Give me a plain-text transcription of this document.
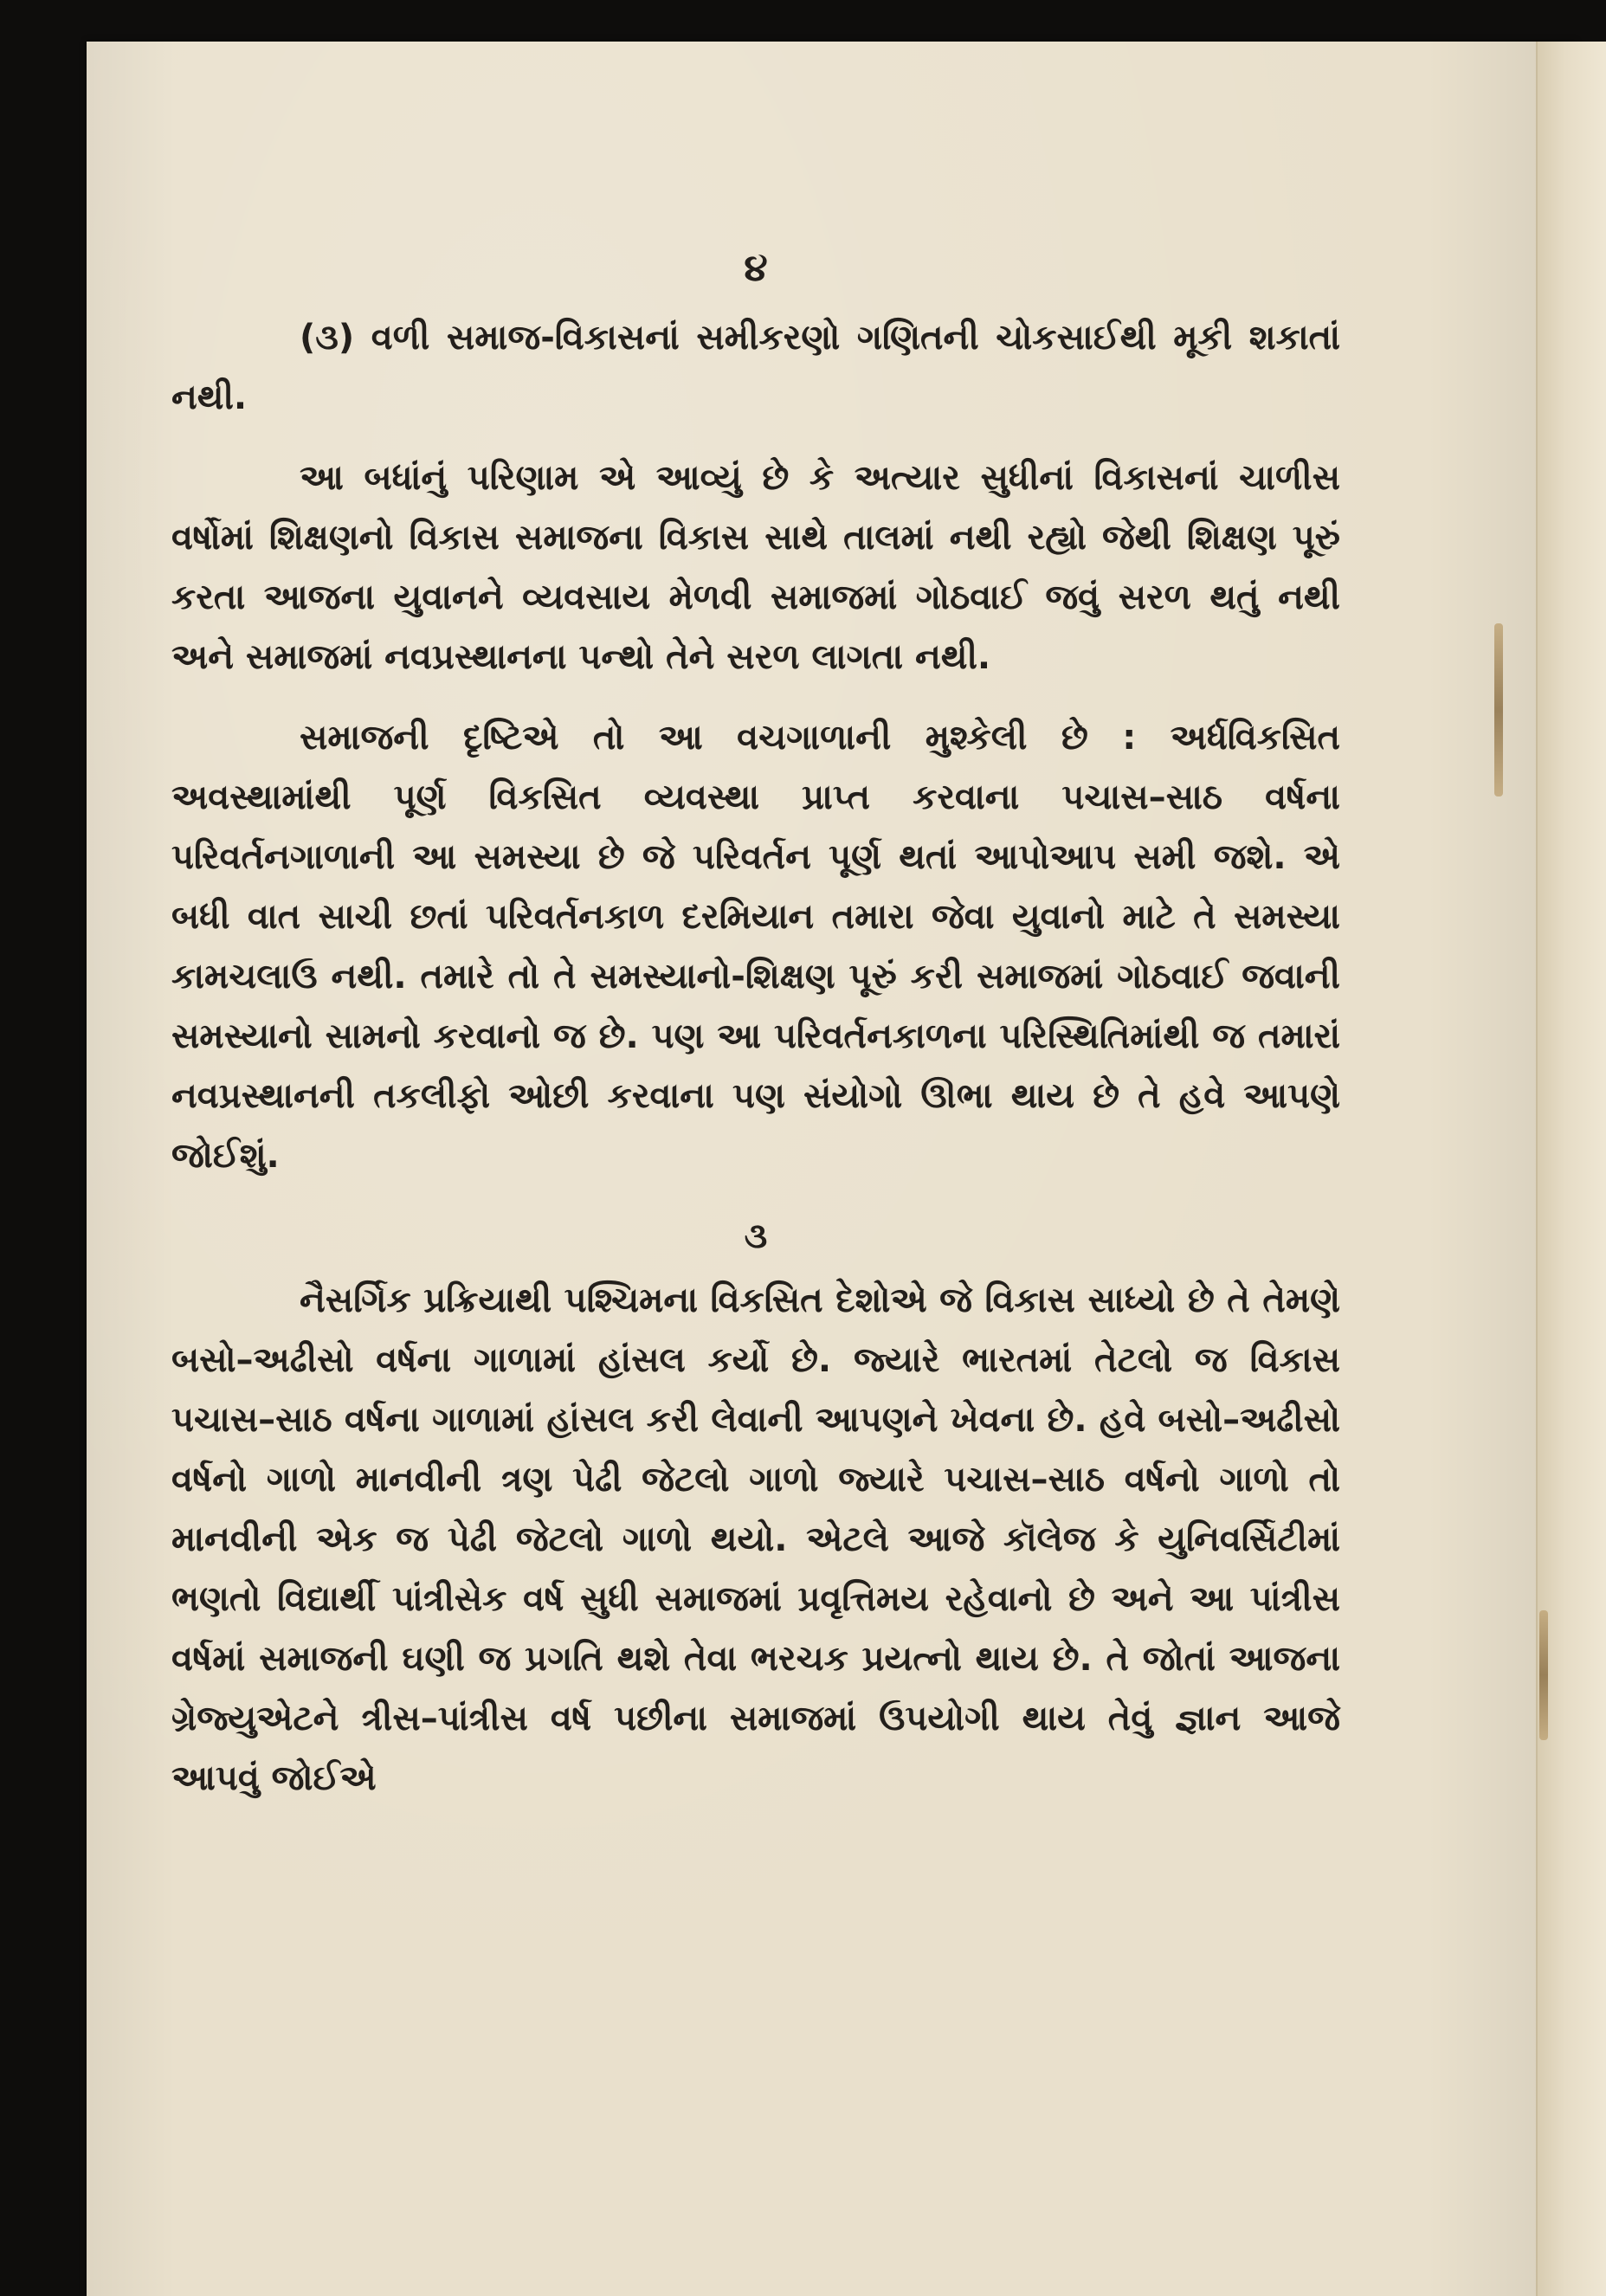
૪

(૩) વળી સમાજ-વિકાસનાં સમીકરણો ગણિતની ચોકસાઈથી મૂકી શકાતાં નથી.

આ બધાંનું પરિણામ એ આવ્યું છે કે અત્યાર સુધીનાં વિકાસનાં ચાળીસ વર્ષોમાં શિક્ષણનો વિકાસ સમાજના વિકાસ સાથે તાલમાં નથી રહ્યો જેથી શિક્ષણ પૂરું કરતા આજના યુવાનને વ્યવસાય મેળવી સમાજમાં ગોઠવાઈ જવું સરળ થતું નથી અને સમાજમાં નવપ્રસ્થાનના પન્થો તેને સરળ લાગતા નથી.

સમાજની દૃષ્ટિએ તો આ વચગાળાની મુશ્કેલી છે : અર્ધવિકસિત અવસ્થામાંથી પૂર્ણ વિકસિત વ્યવસ્થા પ્રાપ્ત કરવાના પચાસ–સાઠ વર્ષના પરિવર્તનગાળાની આ સમસ્યા છે જે પરિવર્તન પૂર્ણ થતાં આપોઆપ સમી જશે. એ બધી વાત સાચી છતાં પરિવર્તનકાળ દરમિયાન તમારા જેવા યુવાનો માટે તે સમસ્યા કામચલાઉ નથી. તમારે તો તે સમસ્યાનો-શિક્ષણ પૂરું કરી સમાજમાં ગોઠવાઈ જવાની સમસ્યાનો સામનો કરવાનો જ છે. પણ આ પરિવર્તનકાળના પરિસ્થિતિમાંથી જ તમારાં નવપ્રસ્થાનની તકલીફો ઓછી કરવાના પણ સંયોગો ઊભા થાય છે તે હવે આપણે જોઈશું.

૩

નૈસર્ગિક પ્રક્રિયાથી પશ્ચિમના વિકસિત દેશોએ જે વિકાસ સાધ્યો છે તે તેમણે બસો–અઢીસો વર્ષના ગાળામાં હાંસલ કર્યો છે. જ્યારે ભારતમાં તેટલો જ વિકાસ પચાસ–સાઠ વર્ષના ગાળામાં હાંસલ કરી લેવાની આપણને ખેવના છે. હવે બસો–અઢીસો વર્ષનો ગાળો માનવીની ત્રણ પેઢી જેટલો ગાળો જ્યારે પચાસ–સાઠ વર્ષનો ગાળો તો માનવીની એક જ પેઢી જેટલો ગાળો થયો. એટલે આજે કૉલેજ કે યુનિવર્સિટીમાં ભણતો વિદ્યાર્થી પાંત્રીસેક વર્ષ સુધી સમાજમાં પ્રવૃત્તિમય રહેવાનો છે અને આ પાંત્રીસ વર્ષમાં સમાજની ઘણી જ પ્રગતિ થશે તેવા ભરચક પ્રયત્નો થાય છે. તે જોતાં આજના ગ્રેજ્યુએટને ત્રીસ–પાંત્રીસ વર્ષ પછીના સમાજમાં ઉપયોગી થાય તેવું જ્ઞાન આજે આપવું જોઈએ
